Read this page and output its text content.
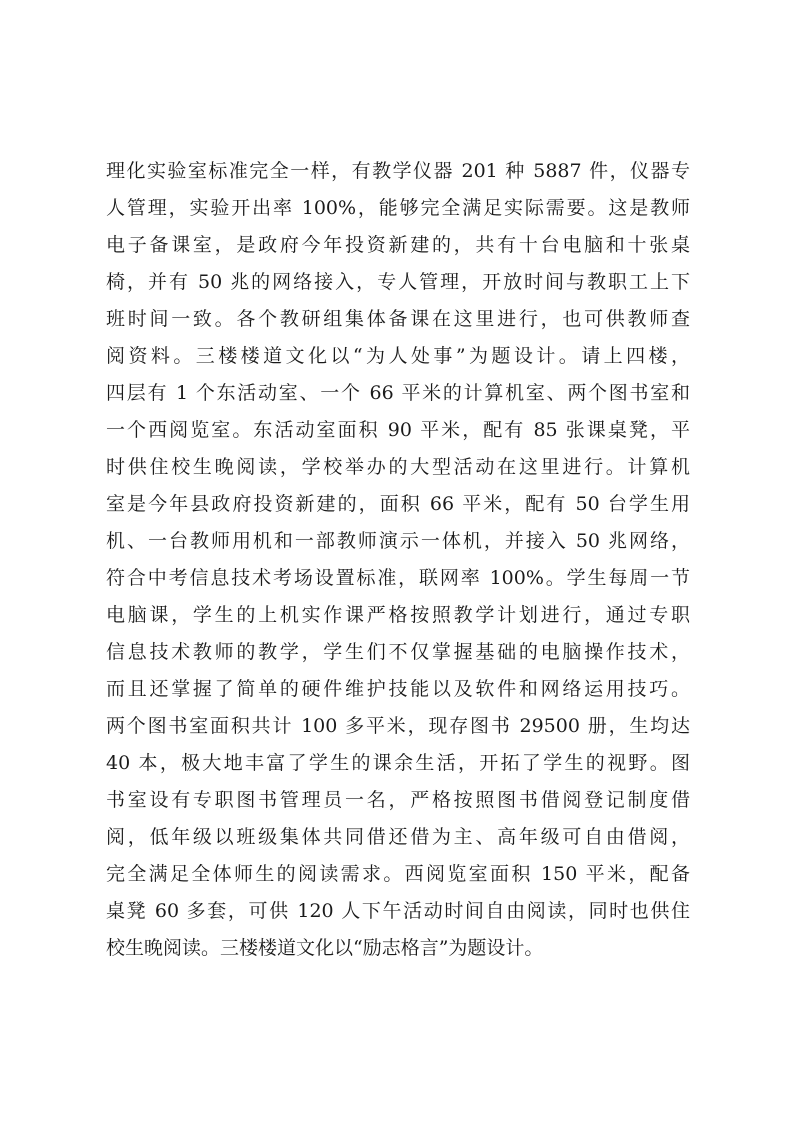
理化实验室标准完全一样，有教学仪器 201 种 5887 件，仪器专
人管理，实验开出率 100%，能够完全满足实际需要。这是教师
电子备课室，是政府今年投资新建的，共有十台电脑和十张桌
椅，并有 50 兆的网络接入，专人管理，开放时间与教职工上下
班时间一致。各个教研组集体备课在这里进行，也可供教师查
阅资料。三楼楼道文化以“为人处事”为题设计。请上四楼，
四层有 1 个东活动室、一个 66 平米的计算机室、两个图书室和
一个西阅览室。东活动室面积 90 平米，配有 85 张课桌凳，平
时供住校生晚阅读，学校举办的大型活动在这里进行。计算机
室是今年县政府投资新建的，面积 66 平米，配有 50 台学生用
机、一台教师用机和一部教师演示一体机，并接入 50 兆网络，
符合中考信息技术考场设置标准，联网率 100%。学生每周一节
电脑课，学生的上机实作课严格按照教学计划进行，通过专职
信息技术教师的教学，学生们不仅掌握基础的电脑操作技术，
而且还掌握了简单的硬件维护技能以及软件和网络运用技巧。
两个图书室面积共计 100 多平米，现存图书 29500 册，生均达
40 本，极大地丰富了学生的课余生活，开拓了学生的视野。图
书室设有专职图书管理员一名，严格按照图书借阅登记制度借
阅，低年级以班级集体共同借还借为主、高年级可自由借阅，
完全满足全体师生的阅读需求。西阅览室面积 150 平米，配备
桌凳 60 多套，可供 120 人下午活动时间自由阅读，同时也供住
校生晚阅读。三楼楼道文化以“励志格言”为题设计。
